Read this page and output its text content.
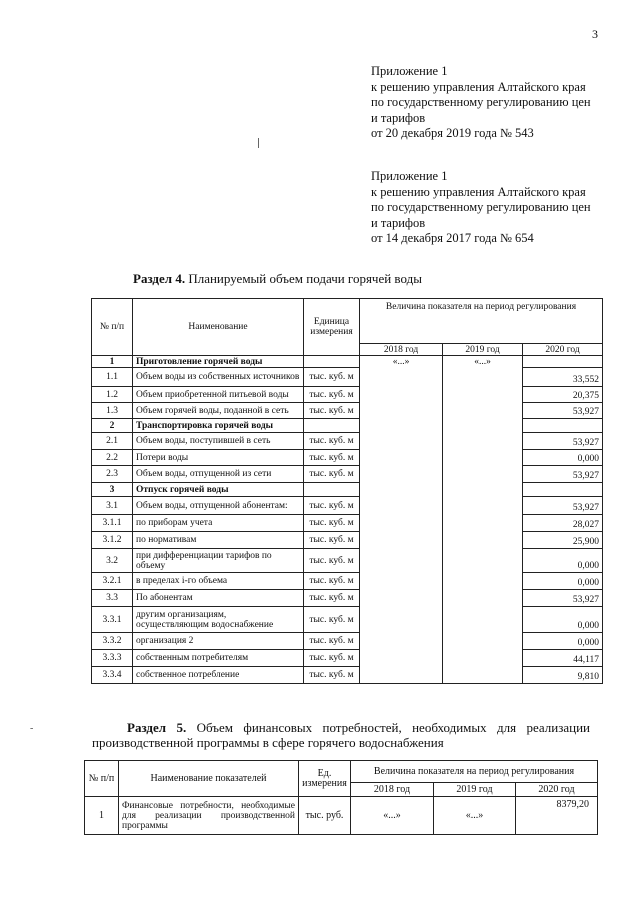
3
Приложение 1
к решению управления Алтайского края
по государственному регулированию цен
и тарифов
от 20 декабря 2019 года № 543
Приложение 1
к решению управления Алтайского края
по государственному регулированию цен
и тарифов
от 14 декабря 2017 года № 654
Раздел 4. Планируемый объем подачи горячей воды
№ п/п	Наименование	Единица измерения	Величина показателя на период регулирования		
			2018 год	2019 год	2020 год
1	Приготовление горячей воды		«...»	«...»	
1.1	Объем воды из собственных источников	тыс. куб. м			33,552
1.2	Объем приобретенной питьевой воды	тыс. куб. м			20,375
1.3	Объем горячей воды, поданной в сеть	тыс. куб. м			53,927
2	Транспортировка горячей воды				
2.1	Объем воды, поступившей в сеть	тыс. куб. м			53,927
2.2	Потери воды	тыс. куб. м			0,000
2.3	Объем воды, отпущенной из сети	тыс. куб. м			53,927
3	Отпуск горячей воды				
3.1	Объем воды, отпущенной абонентам:	тыс. куб. м			53,927
3.1.1	по приборам учета	тыс. куб. м			28,027
3.1.2	по нормативам	тыс. куб. м			25,900
3.2	при дифференциации тарифов по объему	тыс. куб. м			0,000
3.2.1	в пределах i-го объема	тыс. куб. м			0,000
3.3	По абонентам	тыс. куб. м			53,927
3.3.1	другим организациям, осуществляющим водоснабжение	тыс. куб. м			0,000
3.3.2	организация 2	тыс. куб. м			0,000
3.3.3	собственным потребителям	тыс. куб. м			44,117
3.3.4	собственное потребление	тыс. куб. м			9,810
-	Раздел 5. Объем финансовых потребностей, необходимых для реализации
производственной программы в сфере горячего водоснабжения
№ п/п	Наименование показателей	Ед. измерения	Величина показателя на период регулирования		
			2018 год	2019 год	2020 год
1	Финансовые потребности, необходимые для реализации производственной программы	тыс. руб.	«...»	«...»	8379,20
